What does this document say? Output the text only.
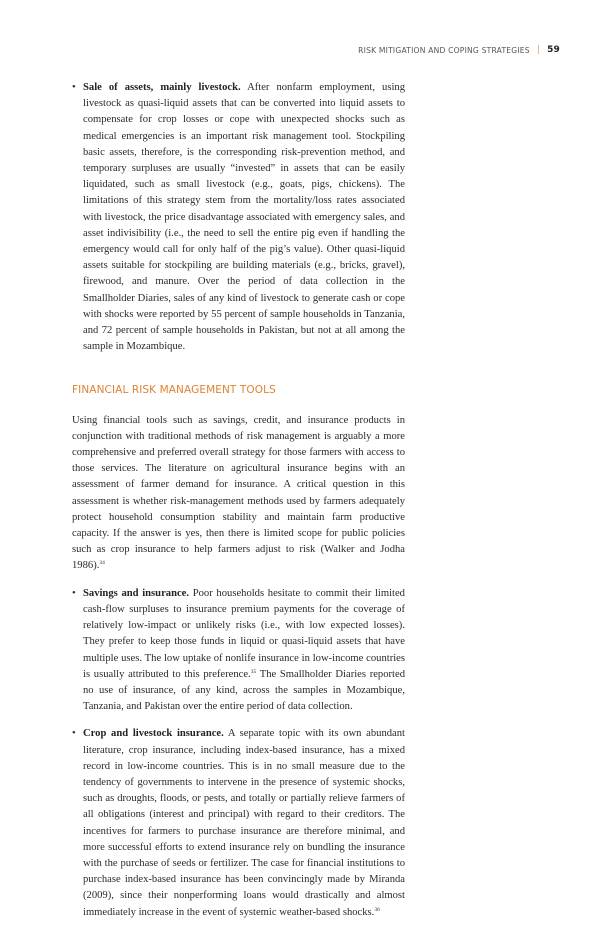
RISK MITIGATION AND COPING STRATEGIES | 59
• Sale of assets, mainly livestock. After nonfarm employment, using livestock as quasi-liquid assets that can be converted into liquid assets to compensate for crop losses or cope with unexpected shocks such as medical emergencies is an important risk management tool. Stockpiling basic assets, therefore, is the corresponding risk-prevention method, and temporary surpluses are usually “invested” in assets that can be easily liquidated, such as small livestock (e.g., goats, pigs, chickens). The limitations of this strategy stem from the mortality/loss rates associated with livestock, the price disadvantage associated with emergency sales, and asset indivisibility (i.e., the need to sell the entire pig even if handling the emergency would call for only half of the pig’s value). Other quasi-liquid assets suitable for stockpiling are building materials (e.g., bricks, gravel), firewood, and manure. Over the period of data collection in the Smallholder Diaries, sales of any kind of livestock to generate cash or cope with shocks were reported by 55 percent of sample households in Tanzania, and 72 percent of sample households in Pakistan, but not at all among the sample in Mozambique.
FINANCIAL RISK MANAGEMENT TOOLS

Using financial tools such as savings, credit, and insurance products in conjunction with traditional methods of risk management is arguably a more comprehensive and preferred overall strategy for those farmers with access to those services. The literature on agricultural insurance begins with an assessment of farmer demand for insurance. A critical question in this assessment is whether risk-management methods used by farmers adequately protect household consumption stability and maintain farm productive capacity. If the answer is yes, then there is limited scope for public policies such as crop insurance to help farmers adjust to risk (Walker and Jodha 1986).$^{34}$

• Savings and insurance. Poor households hesitate to commit their limited cash-flow surpluses to insurance premium payments for the coverage of relatively low-impact or unlikely risks (i.e., with low expected losses). They prefer to keep those funds in liquid or quasi-liquid assets that have multiple uses. The low uptake of nonlife insurance in low-income countries is usually attributed to this preference.$^{35}$ The Smallholder Diaries reported no use of insurance, of any kind, across the samples in Mozambique, Tanzania, and Pakistan over the entire period of data collection.
• Crop and livestock insurance. A separate topic with its own abundant literature, crop insurance, including index-based insurance, has a mixed record in low-income countries. This is in no small measure due to the tendency of governments to intervene in the presence of systemic shocks, such as droughts, floods, or pests, and totally or partially relieve farmers of all obligations (interest and principal) with regard to their creditors. The incentives for farmers to purchase insurance are therefore minimal, and more successful efforts to extend insurance rely on bundling the insurance with the purchase of seeds or fertilizer. The case for financial institutions to purchase index-based insurance has been convincingly made by Miranda (2009), since their nonperforming loans would drastically and almost immediately increase in the event of systemic weather-based shocks.$^{36}$
